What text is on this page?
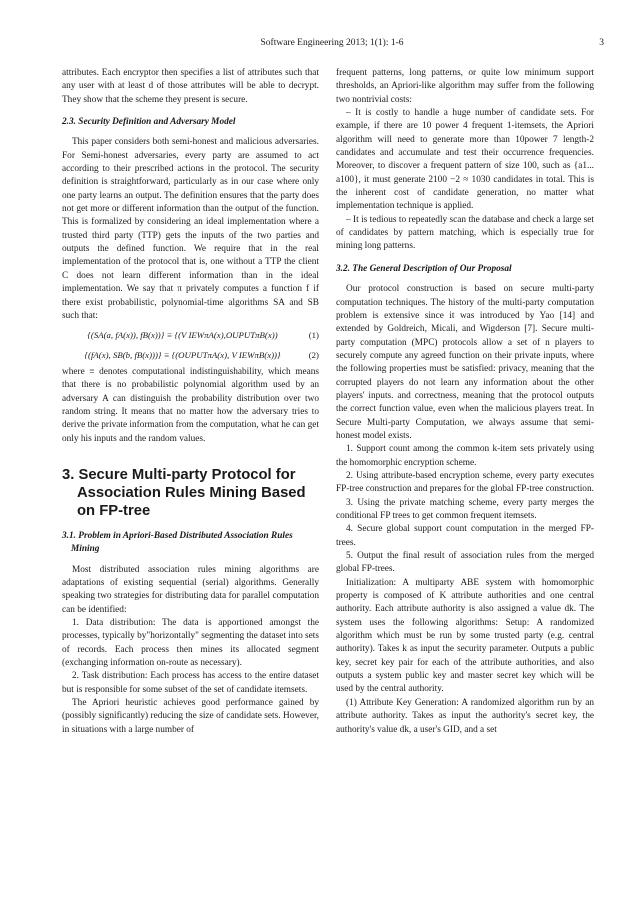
Software Engineering 2013; 1(1): 1-6	3

attributes. Each encryptor then specifies a list of attributes such that any user with at least d of those attributes will be able to decrypt. They show that the scheme they present is secure.

2.3. Security Definition and Adversary Model

This paper considers both semi-honest and malicious adversaries. For Semi-honest adversaries, every party are assumed to act according to their prescribed actions in the protocol. The security definition is straightforward, particularly as in our case where only one party learns an output. The definition ensures that the party does not get more or different information than the output of the function. This is formalized by considering an ideal implementation where a trusted third party (TTP) gets the inputs of the two parties and outputs the defined function. We require that in the real implementation of the protocol that is, one without a TTP the client C does not learn different information than in the ideal implementation. We say that π privately computes a function f if there exist probabilistic, polynomial-time algorithms SA and SB such that:

{(SA(a, fA(x)), fB(x))} ≡ {(V IEWπA(x),OUPUTπB(x))	(1)
{(fA(x), SB(b, fB(x)))} ≡ {(OUPUTπA(x), V IEWπB(x))}	(2)

where ≡ denotes computational indistinguishability, which means that there is no probabilistic polynomial algorithm used by an adversary A can distinguish the probability distribution over two random string. It means that no matter how the adversary tries to derive the private information from the computation, what he can get only his inputs and the random values.

3. Secure Multi-party Protocol for Association Rules Mining Based on FP-tree
3.1. Problem in Apriori-Based Distributed Association Rules Mining

Most distributed association rules mining algorithms are adaptations of existing sequential (serial) algorithms. Generally speaking two strategies for distributing data for parallel computation can be identified:

1. Data distribution: The data is apportioned amongst the processes, typically by"horizontally" segmenting the dataset into sets of records. Each process then mines its allocated segment (exchanging information on-route as necessary).

2. Task distribution: Each process has access to the entire dataset but is responsible for some subset of the set of candidate itemsets.

The Apriori heuristic achieves good performance gained by (possibly significantly) reducing the size of candidate sets. However, in situations with a large number of

frequent patterns, long patterns, or quite low minimum support thresholds, an Apriori-like algorithm may suffer from the following two nontrivial costs:

– It is costly to handle a huge number of candidate sets. For example, if there are 10 power 4 frequent 1-itemsets, the Apriori algorithm will need to generate more than 10power 7 length-2 candidates and accumulate and test their occurrence frequencies. Moreover, to discover a frequent pattern of size 100, such as {a1... a100}, it must generate 2100 −2 ≈ 1030 candidates in total. This is the inherent cost of candidate generation, no matter what implementation technique is applied.

– It is tedious to repeatedly scan the database and check a large set of candidates by pattern matching, which is especially true for mining long patterns.

3.2. The General Description of Our Proposal

Our protocol construction is based on secure multi-party computation techniques. The history of the multi-party computation problem is extensive since it was introduced by Yao [14] and extended by Goldreich, Micali, and Wigderson [7]. Secure multi-party computation (MPC) protocols allow a set of n players to securely compute any agreed function on their private inputs, where the following properties must be satisfied: privacy, meaning that the corrupted players do not learn any information about the other players' inputs. and correctness, meaning that the protocol outputs the correct function value, even when the malicious players treat. In Secure Multi-party Computation, we always assume that semi-honest model exists.

1. Support count among the common k-item sets privately using the homomorphic encryption scheme.

2. Using attribute-based encryption scheme, every party executes FP-tree construction and prepares for the global FP-tree construction.

3. Using the private matching scheme, every party merges the conditional FP trees to get common frequent itemsets.

4. Secure global support count computation in the merged FP-trees.

5. Output the final result of association rules from the merged global FP-trees.

Initialization: A multiparty ABE system with homomorphic property is composed of K attribute authorities and one central authority. Each attribute authority is also assigned a value dk. The system uses the following algorithms: Setup: A randomized algorithm which must be run by some trusted party (e.g. central authority). Takes k as input the security parameter. Outputs a public key, secret key pair for each of the attribute authorities, and also outputs a system public key and master secret key which will be used by the central authority.

(1) Attribute Key Generation: A randomized algorithm run by an attribute authority. Takes as input the authority's secret key, the authority's value dk, a user's GID, and a set
